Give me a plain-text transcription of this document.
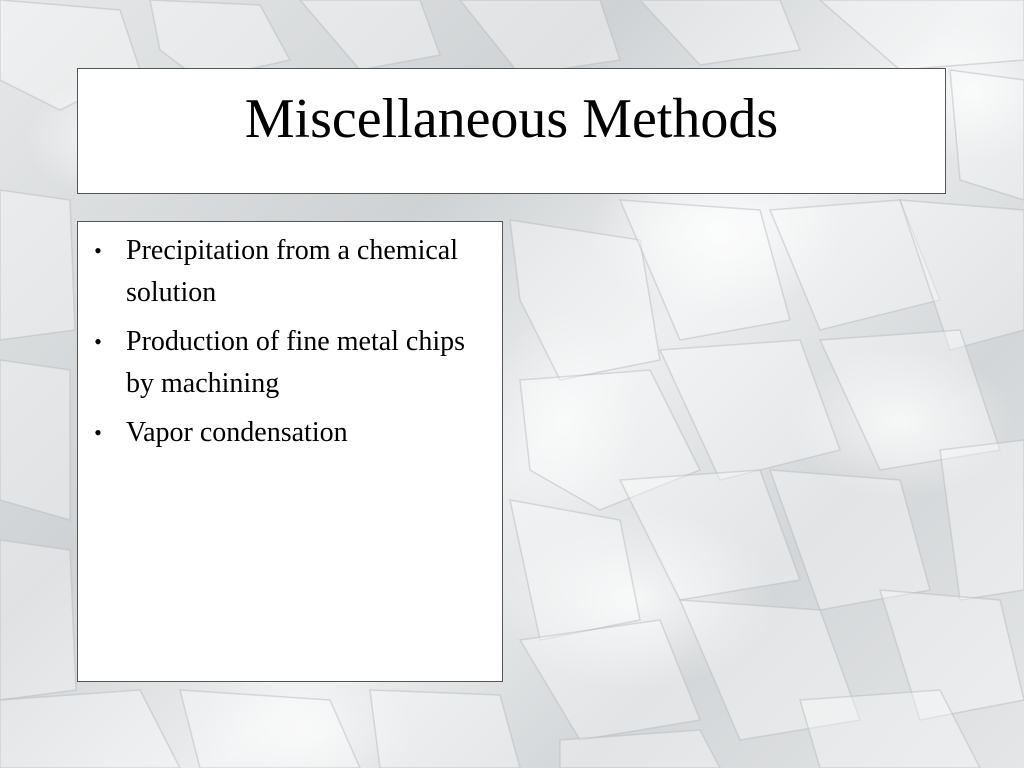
Miscellaneous Methods
• Precipitation from a chemical solution
• Production of fine metal chips by machining
• Vapor condensation
